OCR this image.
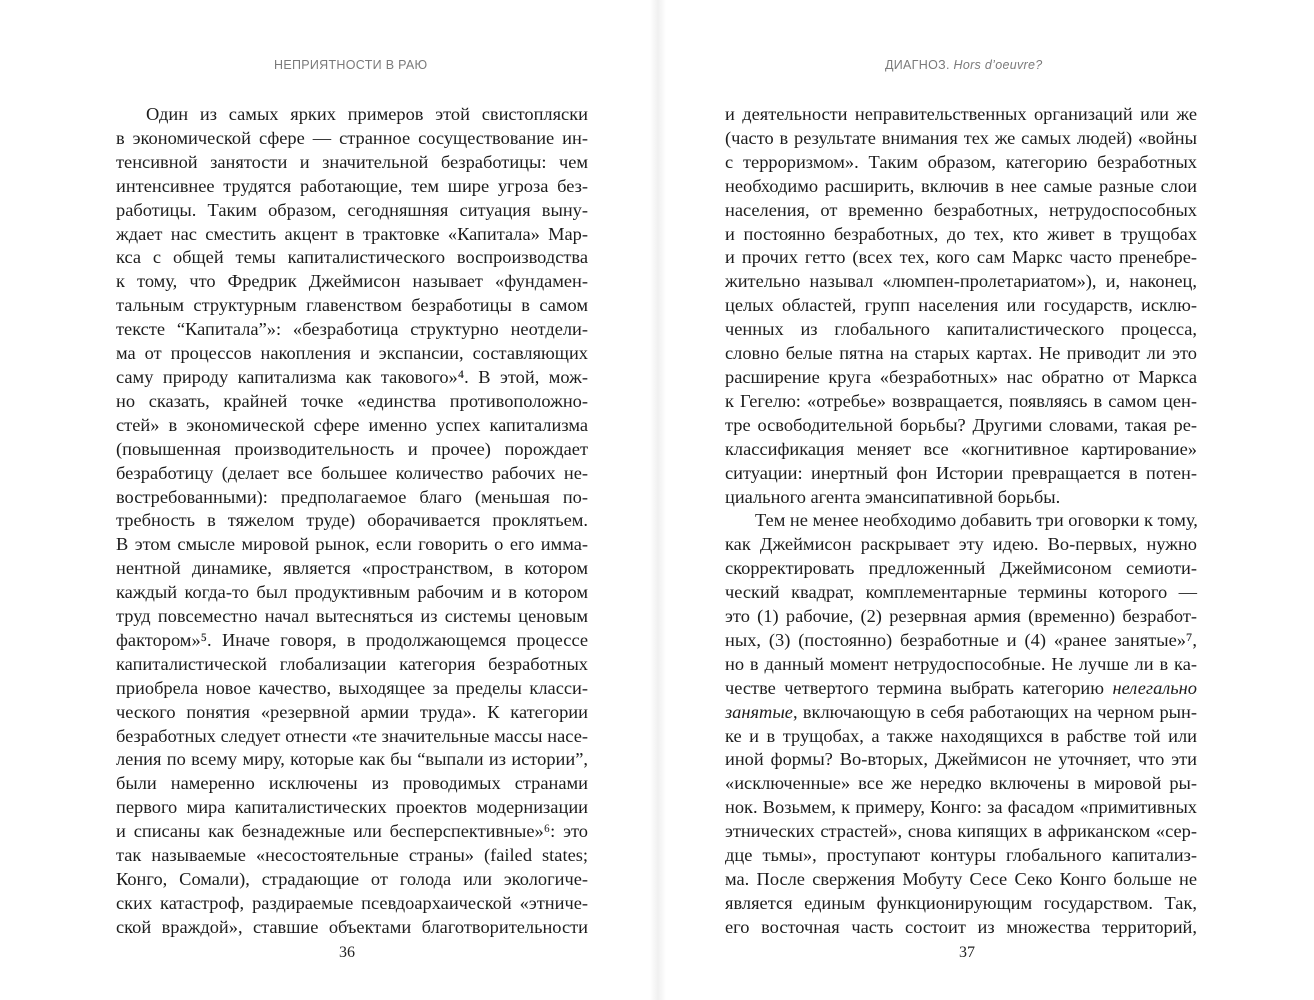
НЕПРИЯТНОСТИ В РАЮ
Один из самых ярких примеров этой свистопляски
в экономической сфере — странное сосуществование ин-
тенсивной занятости и значительной безработицы: чем
интенсивнее трудятся работающие, тем шире угроза без-
работицы. Таким образом, сегодняшняя ситуация выну-
ждает нас сместить акцент в трактовке «Капитала» Мар-
кса с общей темы капиталистического воспроизводства
к тому, что Фредрик Джеймисон называет «фундамен-
тальным структурным главенством безработицы в самом
тексте “Капитала”»: «безработица структурно неотдели-
ма от процессов накопления и экспансии, составляющих
саму природу капитализма как такового»⁴. В этой, мож-
но сказать, крайней точке «единства противоположно-
стей» в экономической сфере именно успех капитализма
(повышенная производительность и прочее) порождает
безработицу (делает все большее количество рабочих не-
востребованными): предполагаемое благо (меньшая по-
требность в тяжелом труде) оборачивается проклятьем.
В этом смысле мировой рынок, если говорить о его имма-
нентной динамике, является «пространством, в котором
каждый когда-то был продуктивным рабочим и в котором
труд повсеместно начал вытесняться из системы ценовым
фактором»⁵. Иначе говоря, в продолжающемся процессе
капиталистической глобализации категория безработных
приобрела новое качество, выходящее за пределы класси-
ческого понятия «резервной армии труда». К категории
безработных следует отнести «те значительные массы насе-
ления по всему миру, которые как бы “выпали из истории”,
были намеренно исключены из проводимых странами
первого мира капиталистических проектов модернизации
и списаны как безнадежные или бесперспективные»⁶: это
так называемые «несостоятельные страны» (failed states;
Конго, Сомали), страдающие от голода или экологиче-
ских катастроф, раздираемые псевдоархаической «этниче-
ской враждой», ставшие объектами благотворительности
36
ДИАГНОЗ. Hors d’oeuvre?
и деятельности неправительственных организаций или же
(часто в результате внимания тех же самых людей) «войны
с терроризмом». Таким образом, категорию безработных
необходимо расширить, включив в нее самые разные слои
населения, от временно безработных, нетрудоспособных
и постоянно безработных, до тех, кто живет в трущобах
и прочих гетто (всех тех, кого сам Маркс часто пренебре-
жительно называл «люмпен-пролетариатом»), и, наконец,
целых областей, групп населения или государств, исклю-
ченных из глобального капиталистического процесса,
словно белые пятна на старых картах. Не приводит ли это
расширение круга «безработных» нас обратно от Маркса
к Гегелю: «отребье» возвращается, появляясь в самом цен-
тре освободительной борьбы? Другими словами, такая ре-
классификация меняет все «когнитивное картирование»
ситуации: инертный фон Истории превращается в потен-
циального агента эмансипативной борьбы.
Тем не менее необходимо добавить три оговорки к тому,
как Джеймисон раскрывает эту идею. Во-первых, нужно
скорректировать предложенный Джеймисоном семиоти-
ческий квадрат, комплементарные термины которого —
это (1) рабочие, (2) резервная армия (временно) безработ-
ных, (3) (постоянно) безработные и (4) «ранее занятые»⁷,
но в данный момент нетрудоспособные. Не лучше ли в ка-
честве четвертого термина выбрать категорию нелегально
занятые, включающую в себя работающих на черном рын-
ке и в трущобах, а также находящихся в рабстве той или
иной формы? Во-вторых, Джеймисон не уточняет, что эти
«исключенные» все же нередко включены в мировой ры-
нок. Возьмем, к примеру, Конго: за фасадом «примитивных
этнических страстей», снова кипящих в африканском «сер-
дце тьмы», проступают контуры глобального капитализ-
ма. После свержения Мобуту Сесе Секо Конго больше не
является единым функционирующим государством. Так,
его восточная часть состоит из множества территорий,
37
